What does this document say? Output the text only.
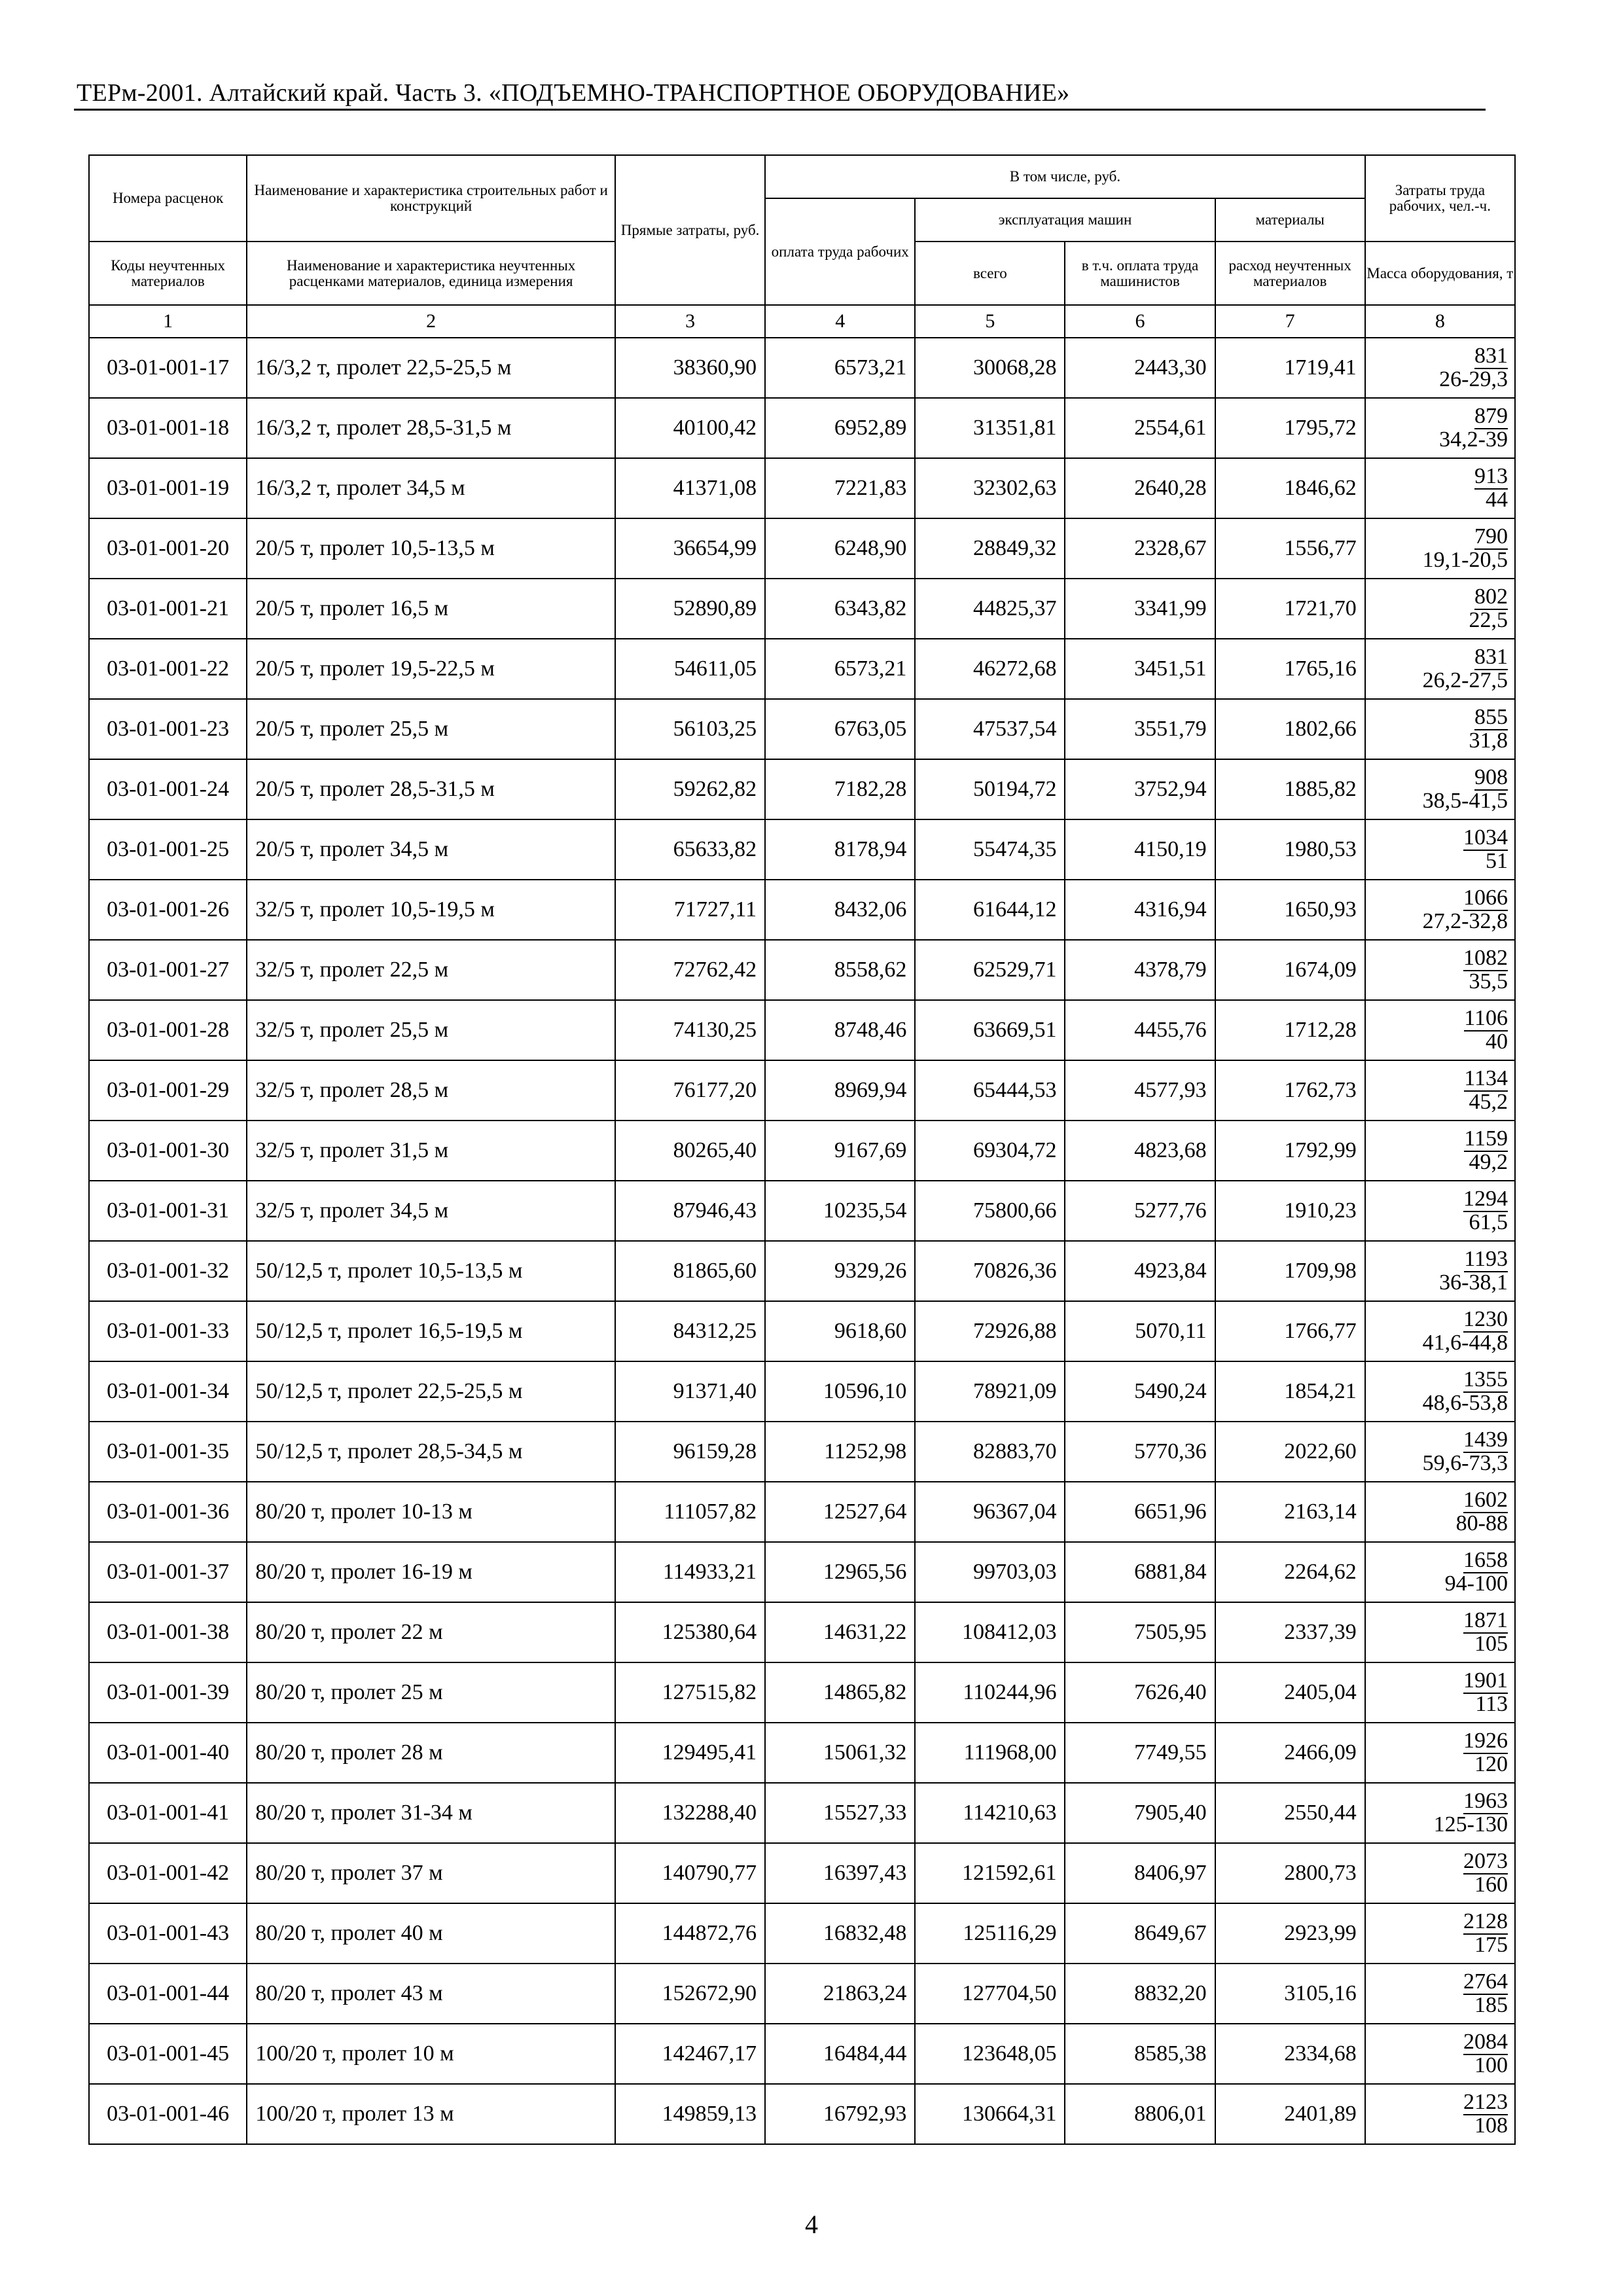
ТЕРм-2001. Алтайский край. Часть 3. «ПОДЪЕМНО-ТРАНСПОРТНОЕ ОБОРУДОВАНИЕ»
Номера расценок	Наименование и характеристика строительных работ и конструкций	Прямые затраты, руб.	В том числе, руб.				Затраты труда рабочих, чел.-ч.
			оплата труда рабочих	эксплуатация машин		материалы	
Коды неучтенных материалов	Наименование и характеристика неучтенных расценками материалов, единица измерения			всего	в т.ч. оплата труда машинистов	расход неучтенных материалов	Масса оборудования, т
1	2	3	4	5	6	7	8
03-01-001-17	16/3,2 т, пролет 22,5-25,5 м	38360,90	6573,21	30068,28	2443,30	1719,41	831
26-29,3

03-01-001-18	16/3,2 т, пролет 28,5-31,5 м	40100,42	6952,89	31351,81	2554,61	1795,72	879
34,2-39

03-01-001-19	16/3,2 т, пролет 34,5 м	41371,08	7221,83	32302,63	2640,28	1846,62	913
44

03-01-001-20	20/5 т, пролет 10,5-13,5 м	36654,99	6248,90	28849,32	2328,67	1556,77	790
19,1-20,5

03-01-001-21	20/5 т, пролет 16,5 м	52890,89	6343,82	44825,37	3341,99	1721,70	802
22,5

03-01-001-22	20/5 т, пролет 19,5-22,5 м	54611,05	6573,21	46272,68	3451,51	1765,16	831
26,2-27,5

03-01-001-23	20/5 т, пролет 25,5 м	56103,25	6763,05	47537,54	3551,79	1802,66	855
31,8

03-01-001-24	20/5 т, пролет 28,5-31,5 м	59262,82	7182,28	50194,72	3752,94	1885,82	908
38,5-41,5

03-01-001-25	20/5 т, пролет 34,5 м	65633,82	8178,94	55474,35	4150,19	1980,53	1034
51

03-01-001-26	32/5 т, пролет 10,5-19,5 м	71727,11	8432,06	61644,12	4316,94	1650,93	1066
27,2-32,8

03-01-001-27	32/5 т, пролет 22,5 м	72762,42	8558,62	62529,71	4378,79	1674,09	1082
35,5

03-01-001-28	32/5 т, пролет 25,5 м	74130,25	8748,46	63669,51	4455,76	1712,28	1106
40

03-01-001-29	32/5 т, пролет 28,5 м	76177,20	8969,94	65444,53	4577,93	1762,73	1134
45,2

03-01-001-30	32/5 т, пролет 31,5 м	80265,40	9167,69	69304,72	4823,68	1792,99	1159
49,2

03-01-001-31	32/5 т, пролет 34,5 м	87946,43	10235,54	75800,66	5277,76	1910,23	1294
61,5

03-01-001-32	50/12,5 т, пролет 10,5-13,5 м	81865,60	9329,26	70826,36	4923,84	1709,98	1193
36-38,1

03-01-001-33	50/12,5 т, пролет 16,5-19,5 м	84312,25	9618,60	72926,88	5070,11	1766,77	1230
41,6-44,8

03-01-001-34	50/12,5 т, пролет 22,5-25,5 м	91371,40	10596,10	78921,09	5490,24	1854,21	1355
48,6-53,8

03-01-001-35	50/12,5 т, пролет 28,5-34,5 м	96159,28	11252,98	82883,70	5770,36	2022,60	1439
59,6-73,3

03-01-001-36	80/20 т, пролет 10-13 м	111057,82	12527,64	96367,04	6651,96	2163,14	1602
80-88

03-01-001-37	80/20 т, пролет 16-19 м	114933,21	12965,56	99703,03	6881,84	2264,62	1658
94-100

03-01-001-38	80/20 т, пролет 22 м	125380,64	14631,22	108412,03	7505,95	2337,39	1871
105

03-01-001-39	80/20 т, пролет 25 м	127515,82	14865,82	110244,96	7626,40	2405,04	1901
113

03-01-001-40	80/20 т, пролет 28 м	129495,41	15061,32	111968,00	7749,55	2466,09	1926
120

03-01-001-41	80/20 т, пролет 31-34 м	132288,40	15527,33	114210,63	7905,40	2550,44	1963
125-130

03-01-001-42	80/20 т, пролет 37 м	140790,77	16397,43	121592,61	8406,97	2800,73	2073
160

03-01-001-43	80/20 т, пролет 40 м	144872,76	16832,48	125116,29	8649,67	2923,99	2128
175

03-01-001-44	80/20 т, пролет 43 м	152672,90	21863,24	127704,50	8832,20	3105,16	2764
185

03-01-001-45	100/20 т, пролет 10 м	142467,17	16484,44	123648,05	8585,38	2334,68	2084
100

03-01-001-46	100/20 т, пролет 13 м	149859,13	16792,93	130664,31	8806,01	2401,89	2123
108
4
